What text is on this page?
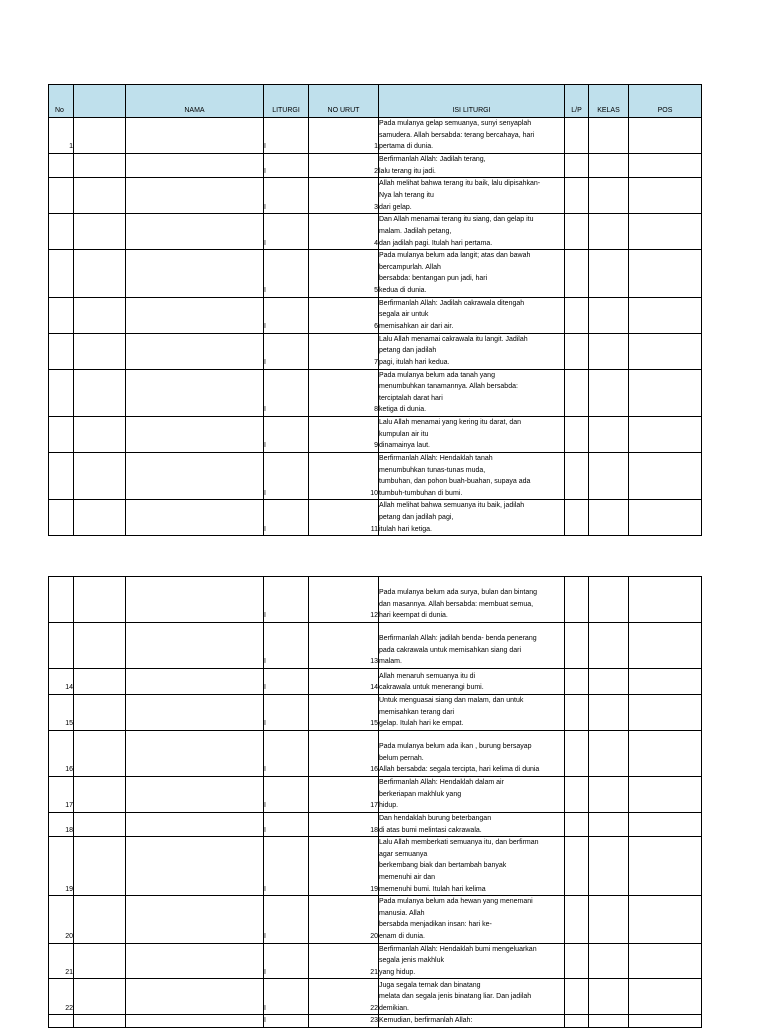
No		NAMA	LITURGI	NO URUT	ISI LITURGI	L/P	KELAS	POS
1			I	1	Pada mulanya gelap semuanya, sunyi senyaplah
samudera. Allah bersabda: terang bercahaya, hari
pertama di dunia.			
			I	2	Berfirmanlah Allah: Jadilah terang,
lalu terang itu jadi.			
			I	3	Allah melihat bahwa terang itu baik, lalu dipisahkan-
Nya lah terang itu
dari gelap.			
			I	4	Dan Allah menamai terang itu siang, dan gelap itu
malam. Jadilah petang,
dan jadilah pagi. Itulah hari pertama.			
			I	5	Pada mulanya belum ada langit; atas dan bawah
bercampurlah. Allah
bersabda: bentangan pun jadi, hari
kedua di dunia.			
			I	6	Berfirmanlah Allah: Jadilah cakrawala ditengah
segala air untuk
memisahkan air dari air.			
			I	7	Lalu Allah menamai cakrawala itu langit. Jadilah
petang dan jadilah
pagi, itulah hari kedua.			
			I	8	Pada mulanya belum ada tanah yang
menumbuhkan tanamannya. Allah bersabda:
terciptalah darat hari
ketiga di dunia.			
			I	9	Lalu Allah menamai yang kering itu darat, dan
kumpulan air itu
dinamainya laut.			
			I	10	Berfirmanlah Allah: Hendaklah tanah
menumbuhkan tunas-tunas muda,
tumbuhan, dan pohon buah-buahan, supaya ada
tumbuh-tumbuhan di bumi.			
			I	11	Allah melihat bahwa semuanya itu baik, jadilah
petang dan jadilah pagi,
itulah hari ketiga.			
			I	12	Pada mulanya belum ada surya, bulan dan bintang
dan masannya. Allah bersabda: membuat semua,
hari keempat di dunia.			
			I	13	Berfirmanlah Allah: jadilah benda- benda penerang
pada cakrawala untuk memisahkan siang dari
malam.			
14			I	14	Allah menaruh semuanya itu di
cakrawala untuk menerangi bumi.			
15			I	15	Untuk menguasai siang dan malam, dan untuk
memisahkan terang dari
gelap. Itulah hari ke empat.			
16			I	16	Pada mulanya belum ada ikan , burung bersayap
belum pernah.
Allah bersabda: segala tercipta, hari kelima di dunia			
17			I	17	Berfirmanlah Allah: Hendaklah dalam air
berkeriapan makhluk yang
hidup.			
18			I	18	Dan hendaklah burung beterbangan
di atas bumi melintasi cakrawala.			
19			I	19	Lalu Allah memberkati semuanya itu, dan berfirman
agar semuanya
berkembang biak dan bertambah banyak
memenuhi air dan
memenuhi bumi. Itulah hari kelima			
20			I	20	Pada mulanya belum ada hewan yang menemani
manusia. Allah
bersabda menjadikan insan: hari ke-
enam di dunia.			
21			I	21	Berfirmanlah Allah: Hendaklah bumi mengeluarkan
segala jenis makhluk
yang hidup.			
22			I	22	Juga segala ternak dan binatang
melata dan segala jenis binatang liar. Dan jadilah
demikian.			
			I	23	Kemudian, berfirmanlah Allah:			
